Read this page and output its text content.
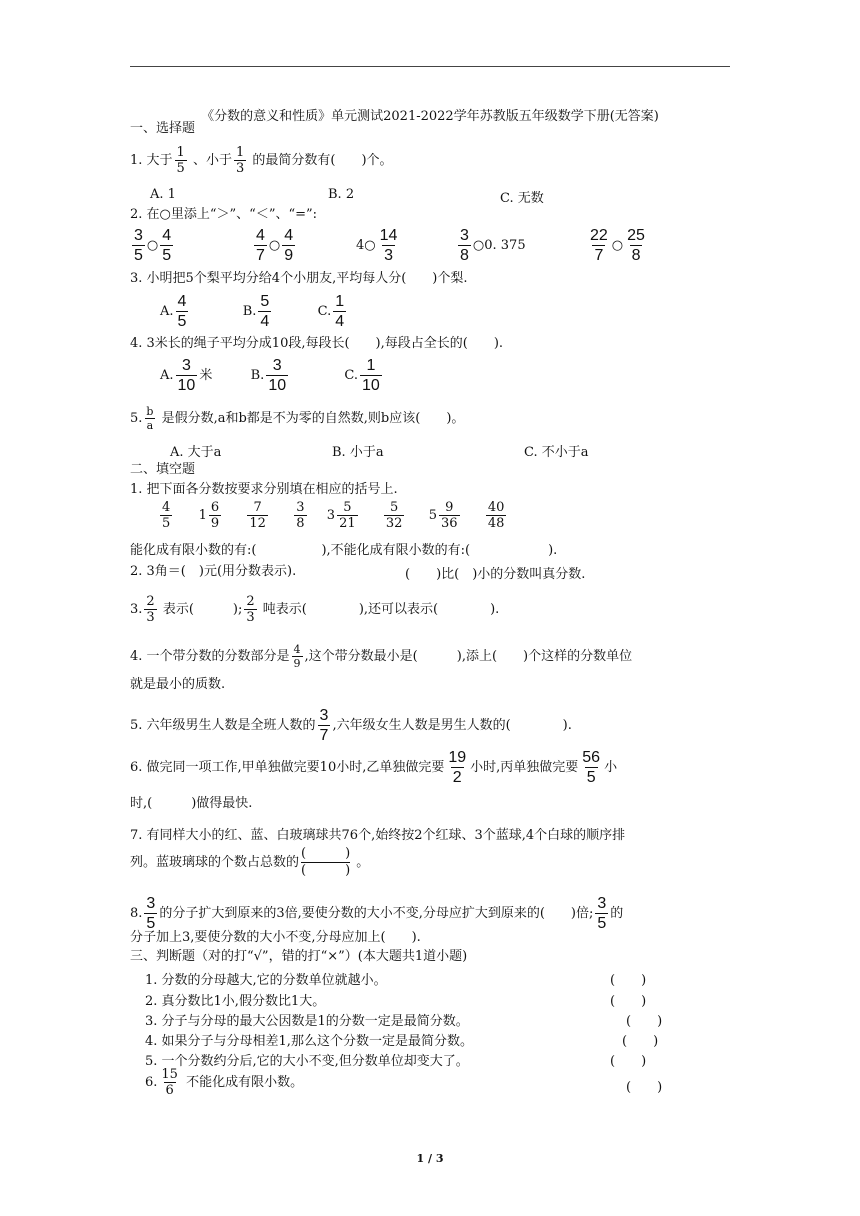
《分数的意义和性质》单元测试2021-2022学年苏教版五年级数学下册(无答案)
一、选择题
1. 大于 $\frac{1}{5}$ 、小于 $\frac{1}{3}$ 的最简分数有(　　)个。
A. 1	B. 2	C. 无数
2. 在○里添上“＞”、“＜”、“=”:
$\frac{3}{5}$ ○ $\frac{4}{5}$	$\frac{4}{7}$ ○ $\frac{4}{9}$	4○ $\frac{14}{3}$	$\frac{3}{8}$ ○0. 375	$\frac{22}{7}$ ○ $\frac{25}{8}$
3. 小明把5个梨平均分给4个小朋友,平均每人分(　　)个梨.
A. $\frac{4}{5}$	B. $\frac{5}{4}$	C. $\frac{1}{4}$
4. 3米长的绳子平均分成10段,每段长(　　),每段占全长的(　　).
A. $\frac{3}{10}$ 米	B. $\frac{3}{10}$	C. $\frac{1}{10}$
5. $\frac{b}{a}$ 是假分数,a和b都是不为零的自然数,则b应该(　　)。
A. 大于a	B. 小于a	C. 不小于a
二、填空题
1. 把下面各分数按要求分别填在相应的括号上.
$\frac{4}{5}$
$1 \frac{6}{9}$
$\frac{7}{12}$
$\frac{3}{8}$
$3 \frac{5}{21}$
$\frac{5}{32}$
$5 \frac{9}{36}$
$\frac{40}{48}$
能化成有限小数的有:(　　　　　),不能化成有限小数的有:(　　　　　　).
2. 3角＝(　)元(用分数表示).	(　　)比(　)小的分数叫真分数.
3. $\frac{2}{3}$ 表示(　　　); $\frac{2}{3}$ 吨表示(　　　　),还可以表示(　　　　).
4. 一个带分数的分数部分是 $\frac{4}{9}$ ,这个带分数最小是(　　　),添上(　　)个这样的分数单位
就是最小的质数.
5. 六年级男生人数是全班人数的 $\frac{3}{7}$ ,六年级女生人数是男生人数的(　　　　).
6. 做完同一项工作,甲单独做完要10小时,乙单独做完要 $\frac{19}{2}$ 小时,丙单独做完要 $\frac{56}{5}$ 小
时,(　　　)做得最快.
7. 有同样大小的红、蓝、白玻璃球共76个,始终按2个红球、3个蓝球,4个白球的顺序排
列。蓝玻璃球的个数占总数的
(　　　)
(　　　)
。
8. $\frac{3}{5}$ 的分子扩大到原来的3倍,要使分数的大小不变,分母应扩大到原来的(　　)倍; $\frac{3}{5}$ 的
分子加上3,要使分数的大小不变,分母应加上(　　).
三、判断题（对的打“√”，错的打“×”）(本大题共1道小题)
1. 分数的分母越大,它的分数单位就越小。	(　　)
2. 真分数比1小,假分数比1大。	(　　)
3. 分子与分母的最大公因数是1的分数一定是最简分数。	(　　)
4. 如果分子与分母相差1,那么这个分数一定是最简分数。	(　　)
5. 一个分数约分后,它的大小不变,但分数单位却变大了。	(　　)
6. $\frac{15}{6}$ 不能化成有限小数。	(　　)
1 / 3
